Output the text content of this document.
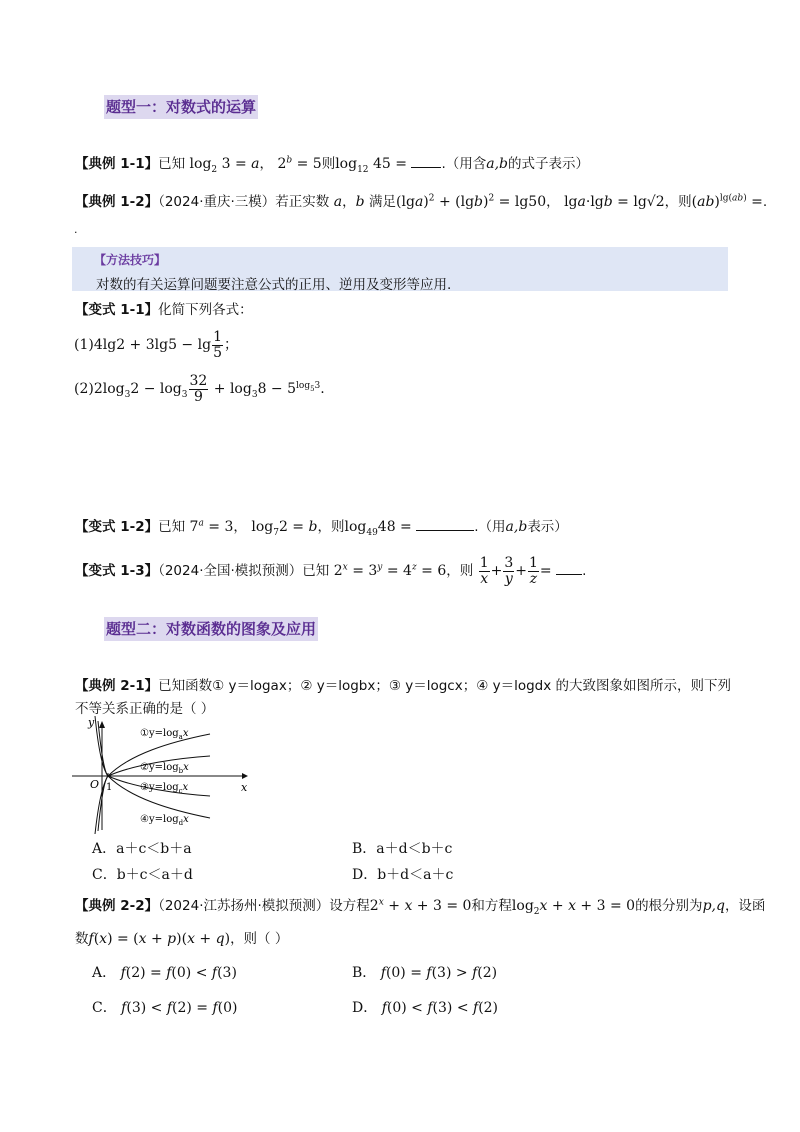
题型一：对数式的运算
【典例 1-1】已知 $\log_2 3 = a$， $2^b = 5$则$\log_{12} 45$ =	.（用含a,b的式子表示）
【典例 1-2】（2024·重庆·三模）若正实数 a，b 满足$(\lg a)^2 + (\lg b)^2 = \lg 50$， lga·lgb = lg√2，则(ab)$^{lg(ab)}$ =.
.
【方法技巧】
对数的有关运算问题要注意公式的正用、逆用及变形等应用.
【变式 1-1】化简下列各式：
$(1)4\lg 2 + 3\lg 5 - \lg \frac{1}{5}$ ；
$(2)2\log_32 - \log_3 \frac{32}{9} + \log_38 - 5^{log_53}$.
【变式 1-2】已知 $7^a = 3$， $\log_72 = b$，则$\log_{49}48$ =	.（用a,b表示）
【变式 1-3】（2024·全国·模拟预测）已知 $2^x = 3^y = 4^z = 6$，则 $\frac{1}{x} + \frac{3}{y} + \frac{1}{z}$ = .
题型二：对数函数的图象及应用
【典例 2-1】已知函数① y＝logax；② y＝logbx；③ y＝logcx；④ y＝logdx 的大致图象如图所示，则下列
不等关系正确的是（ ）
y
x
O 1
$①y=\log_ax$
$②y=\log_bx$
$③y=\log_cx$
$④y=\log_dx$
A．a＋c＜b＋a	B．a＋d＜b＋c
C．b＋c＜a＋d	D．b＋d＜a＋c
【典例 2-2】（2024·江苏扬州·模拟预测）设方程$2^x + x + 3 = 0$和方程$\log_2x + x + 3 = 0$的根分别为p,q，设函
数f(x) = (x + p)(x + q)，则（ ）
A． f(2) = f(0) < f(3)	B． f(0) = f(3) > f(2)
C． f(3) < f(2) = f(0)	D． f(0) < f(3) < f(2)
